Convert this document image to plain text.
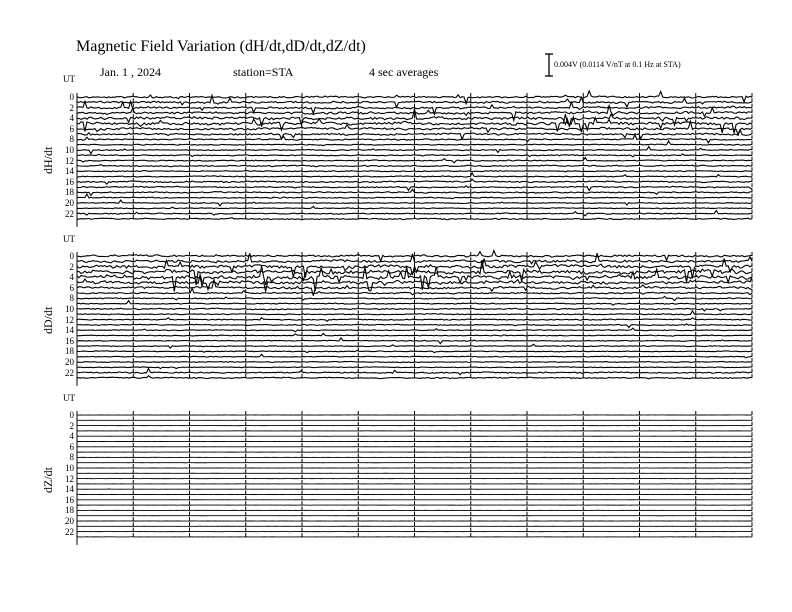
Magnetic Field Variation (dH/dt,dD/dt,dZ/dt)
Jan. 1 , 2024	station=STA	4 sec averages
0.004V (0.0114 V/nT at 0.1 Hz at STA)
UT
UT
UT
dH/dt
dD/dt
dZ/dt
0
2
4
6
8
10
12
14
16
18
20
22
0
2
4
6
8
10
12
14
16
18
20
22
0
2
4
6
8
10
12
14
16
18
20
22
